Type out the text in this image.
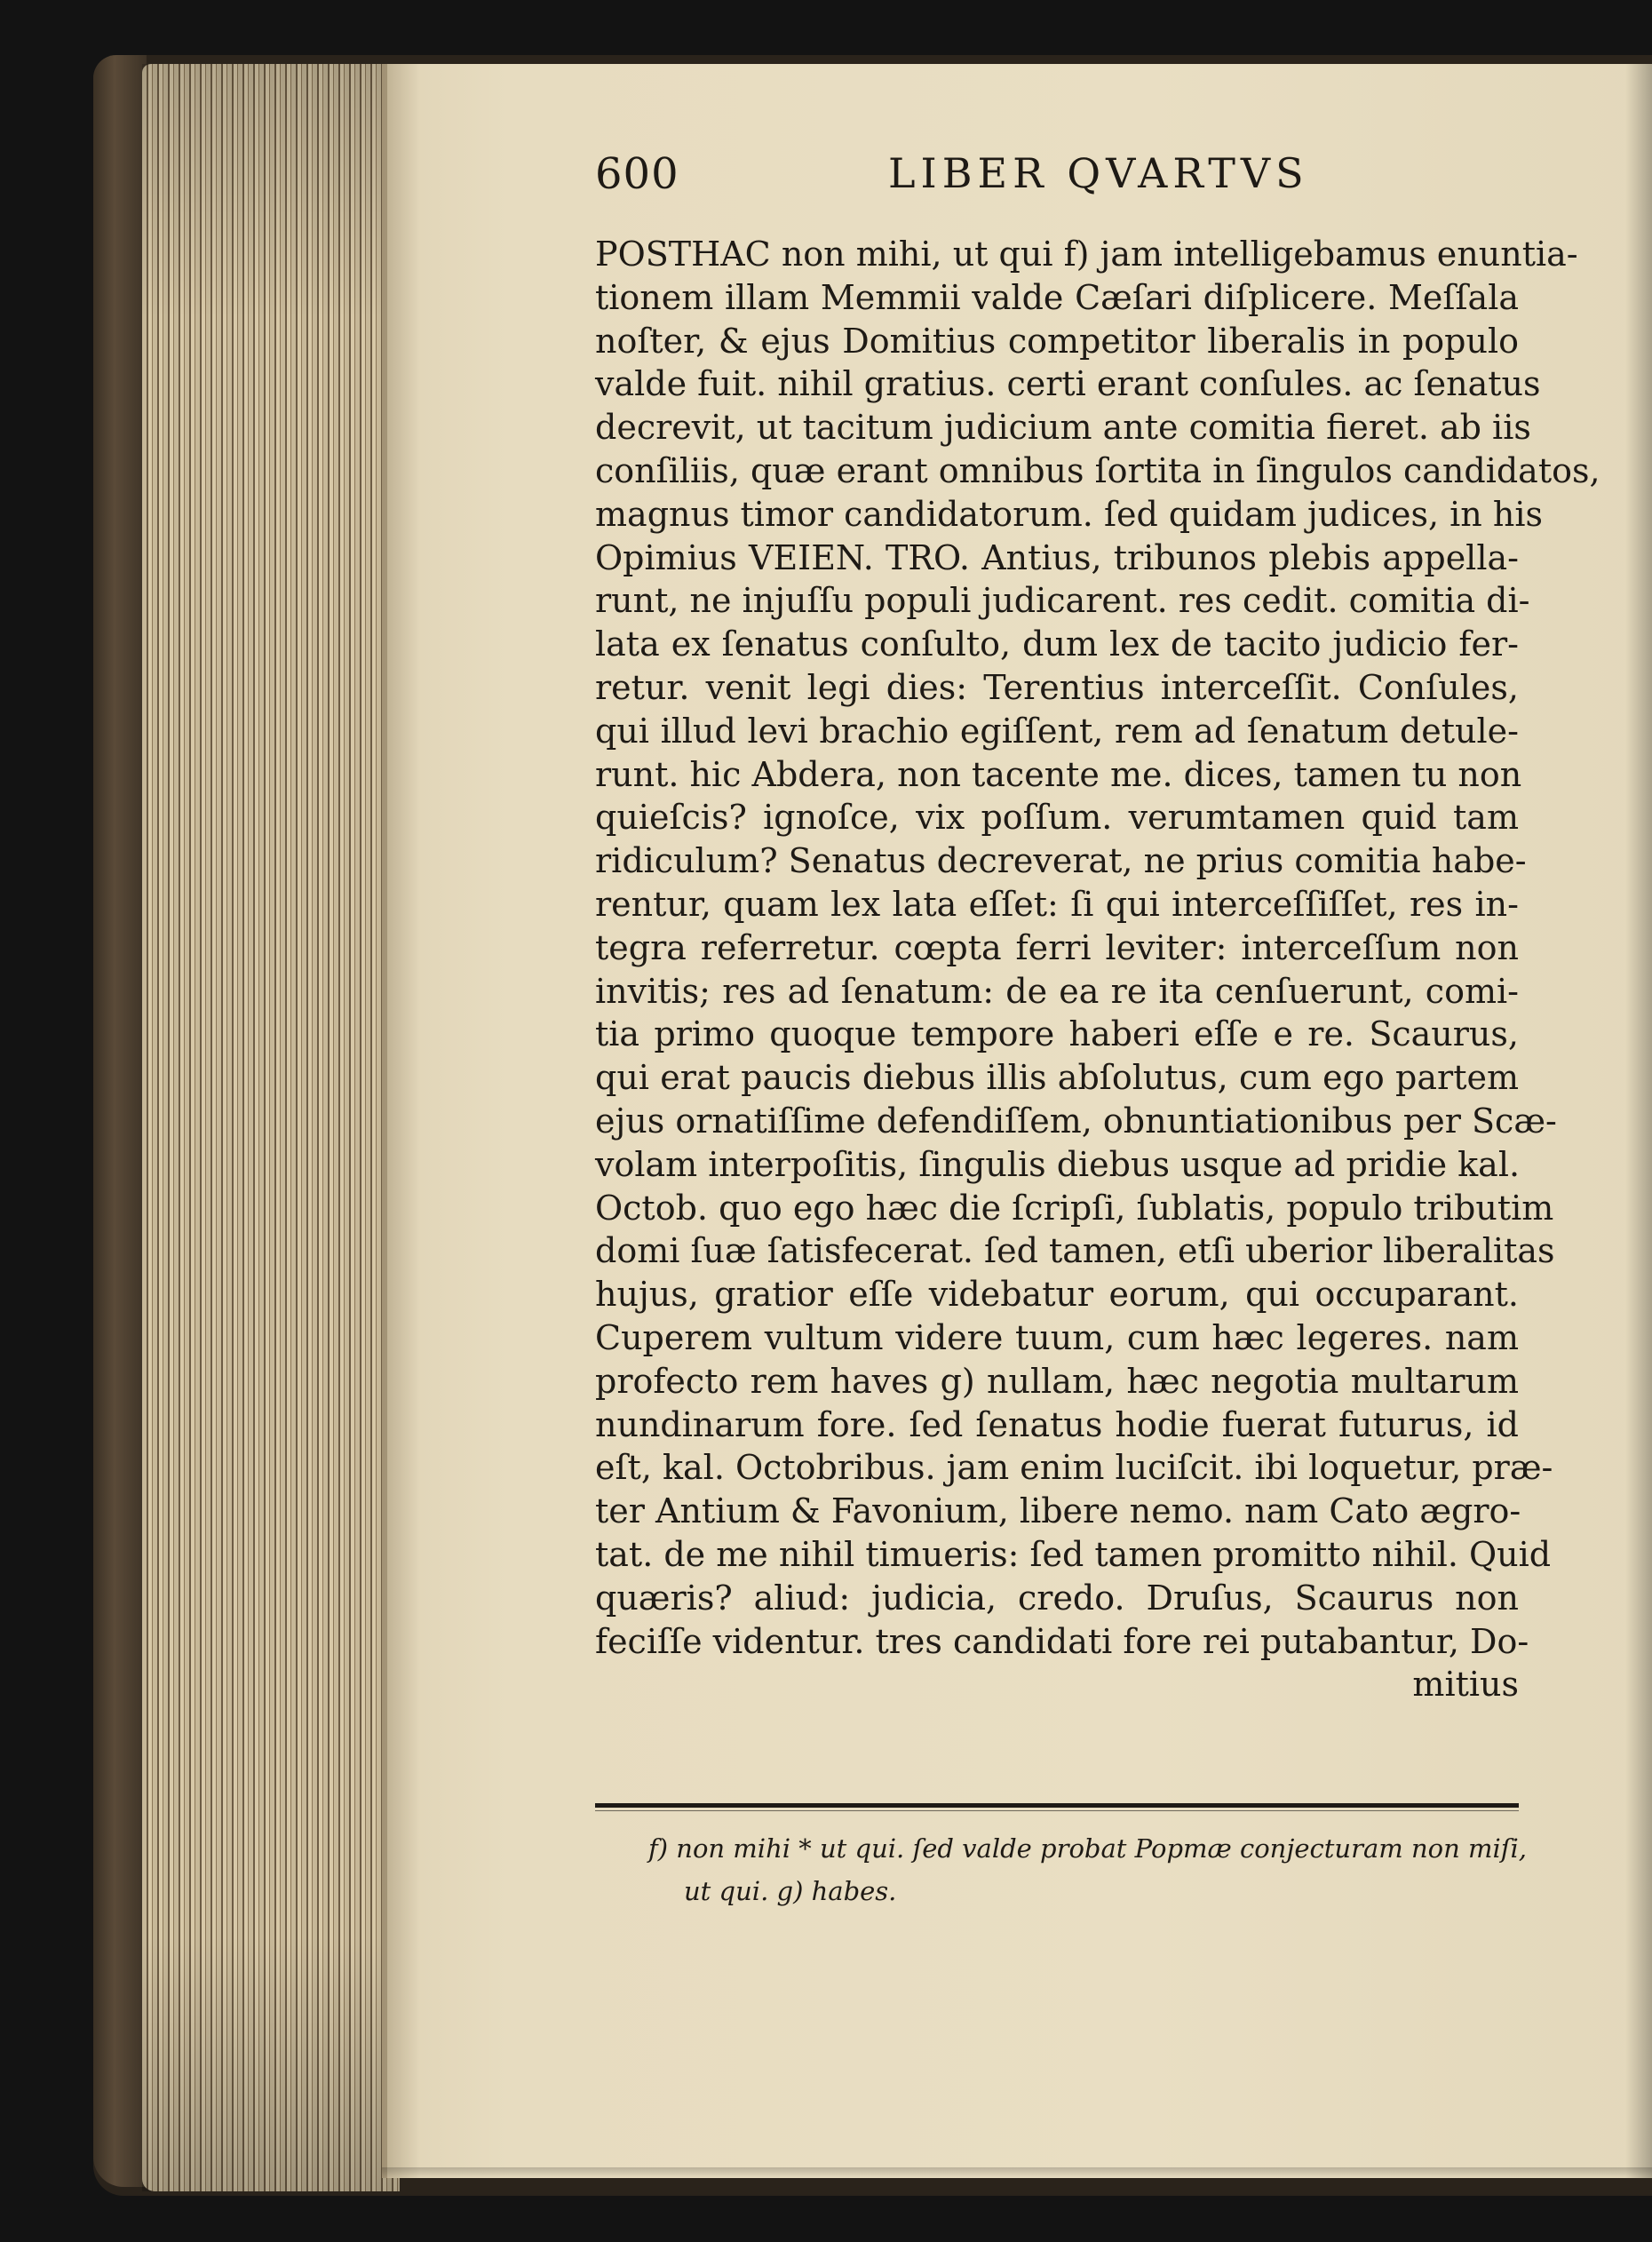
600	LIBER QVARTVS
POSTHAC non mihi, ut qui f) jam intelligebamus enuntia-
tionem illam Memmii valde Cæſari diſplicere. Meſſala
noſter, & ejus Domitius competitor liberalis in populo
valde fuit. nihil gratius. certi erant conſules. ac ſenatus
decrevit, ut tacitum judicium ante comitia fieret. ab iis
conſiliis, quæ erant omnibus ſortita in ſingulos candidatos,
magnus timor candidatorum. ſed quidam judices, in his
Opimius VEIEN. TRO. Antius, tribunos plebis appella-
runt, ne injuſſu populi judicarent. res cedit. comitia di-
lata ex ſenatus conſulto, dum lex de tacito judicio fer-
retur. venit legi dies: Terentius interceſſit. Conſules,
qui illud levi brachio egiſſent, rem ad ſenatum detule-
runt. hic Abdera, non tacente me. dices, tamen tu non
quieſcis? ignoſce, vix poſſum. verumtamen quid tam
ridiculum? Senatus decreverat, ne prius comitia habe-
rentur, quam lex lata eſſet: ſi qui interceſſiſſet, res in-
tegra referretur. cœpta ferri leviter: interceſſum non
invitis; res ad ſenatum: de ea re ita cenſuerunt, comi-
tia primo quoque tempore haberi eſſe e re. Scaurus,
qui erat paucis diebus illis abſolutus, cum ego partem
ejus ornatiſſime defendiſſem, obnuntiationibus per Scæ-
volam interpoſitis, ſingulis diebus usque ad pridie kal.
Octob. quo ego hæc die ſcripſi, ſublatis, populo tributim
domi ſuæ ſatisfecerat. ſed tamen, etſi uberior liberalitas
hujus, gratior eſſe videbatur eorum, qui occuparant.
Cuperem vultum videre tuum, cum hæc legeres. nam
profecto rem haves g) nullam, hæc negotia multarum
nundinarum fore. ſed ſenatus hodie fuerat futurus, id
eſt, kal. Octobribus. jam enim luciſcit. ibi loquetur, præ-
ter Antium & Favonium, libere nemo. nam Cato ægro-
tat. de me nihil timueris: ſed tamen promitto nihil. Quid
quæris? aliud: judicia, credo. Druſus, Scaurus non
feciſſe videntur. tres candidati fore rei putabantur, Do-
mitius
f) non mihi * ut qui. ſed valde probat Popmæ conjecturam non miſi,
ut qui. g) habes.
